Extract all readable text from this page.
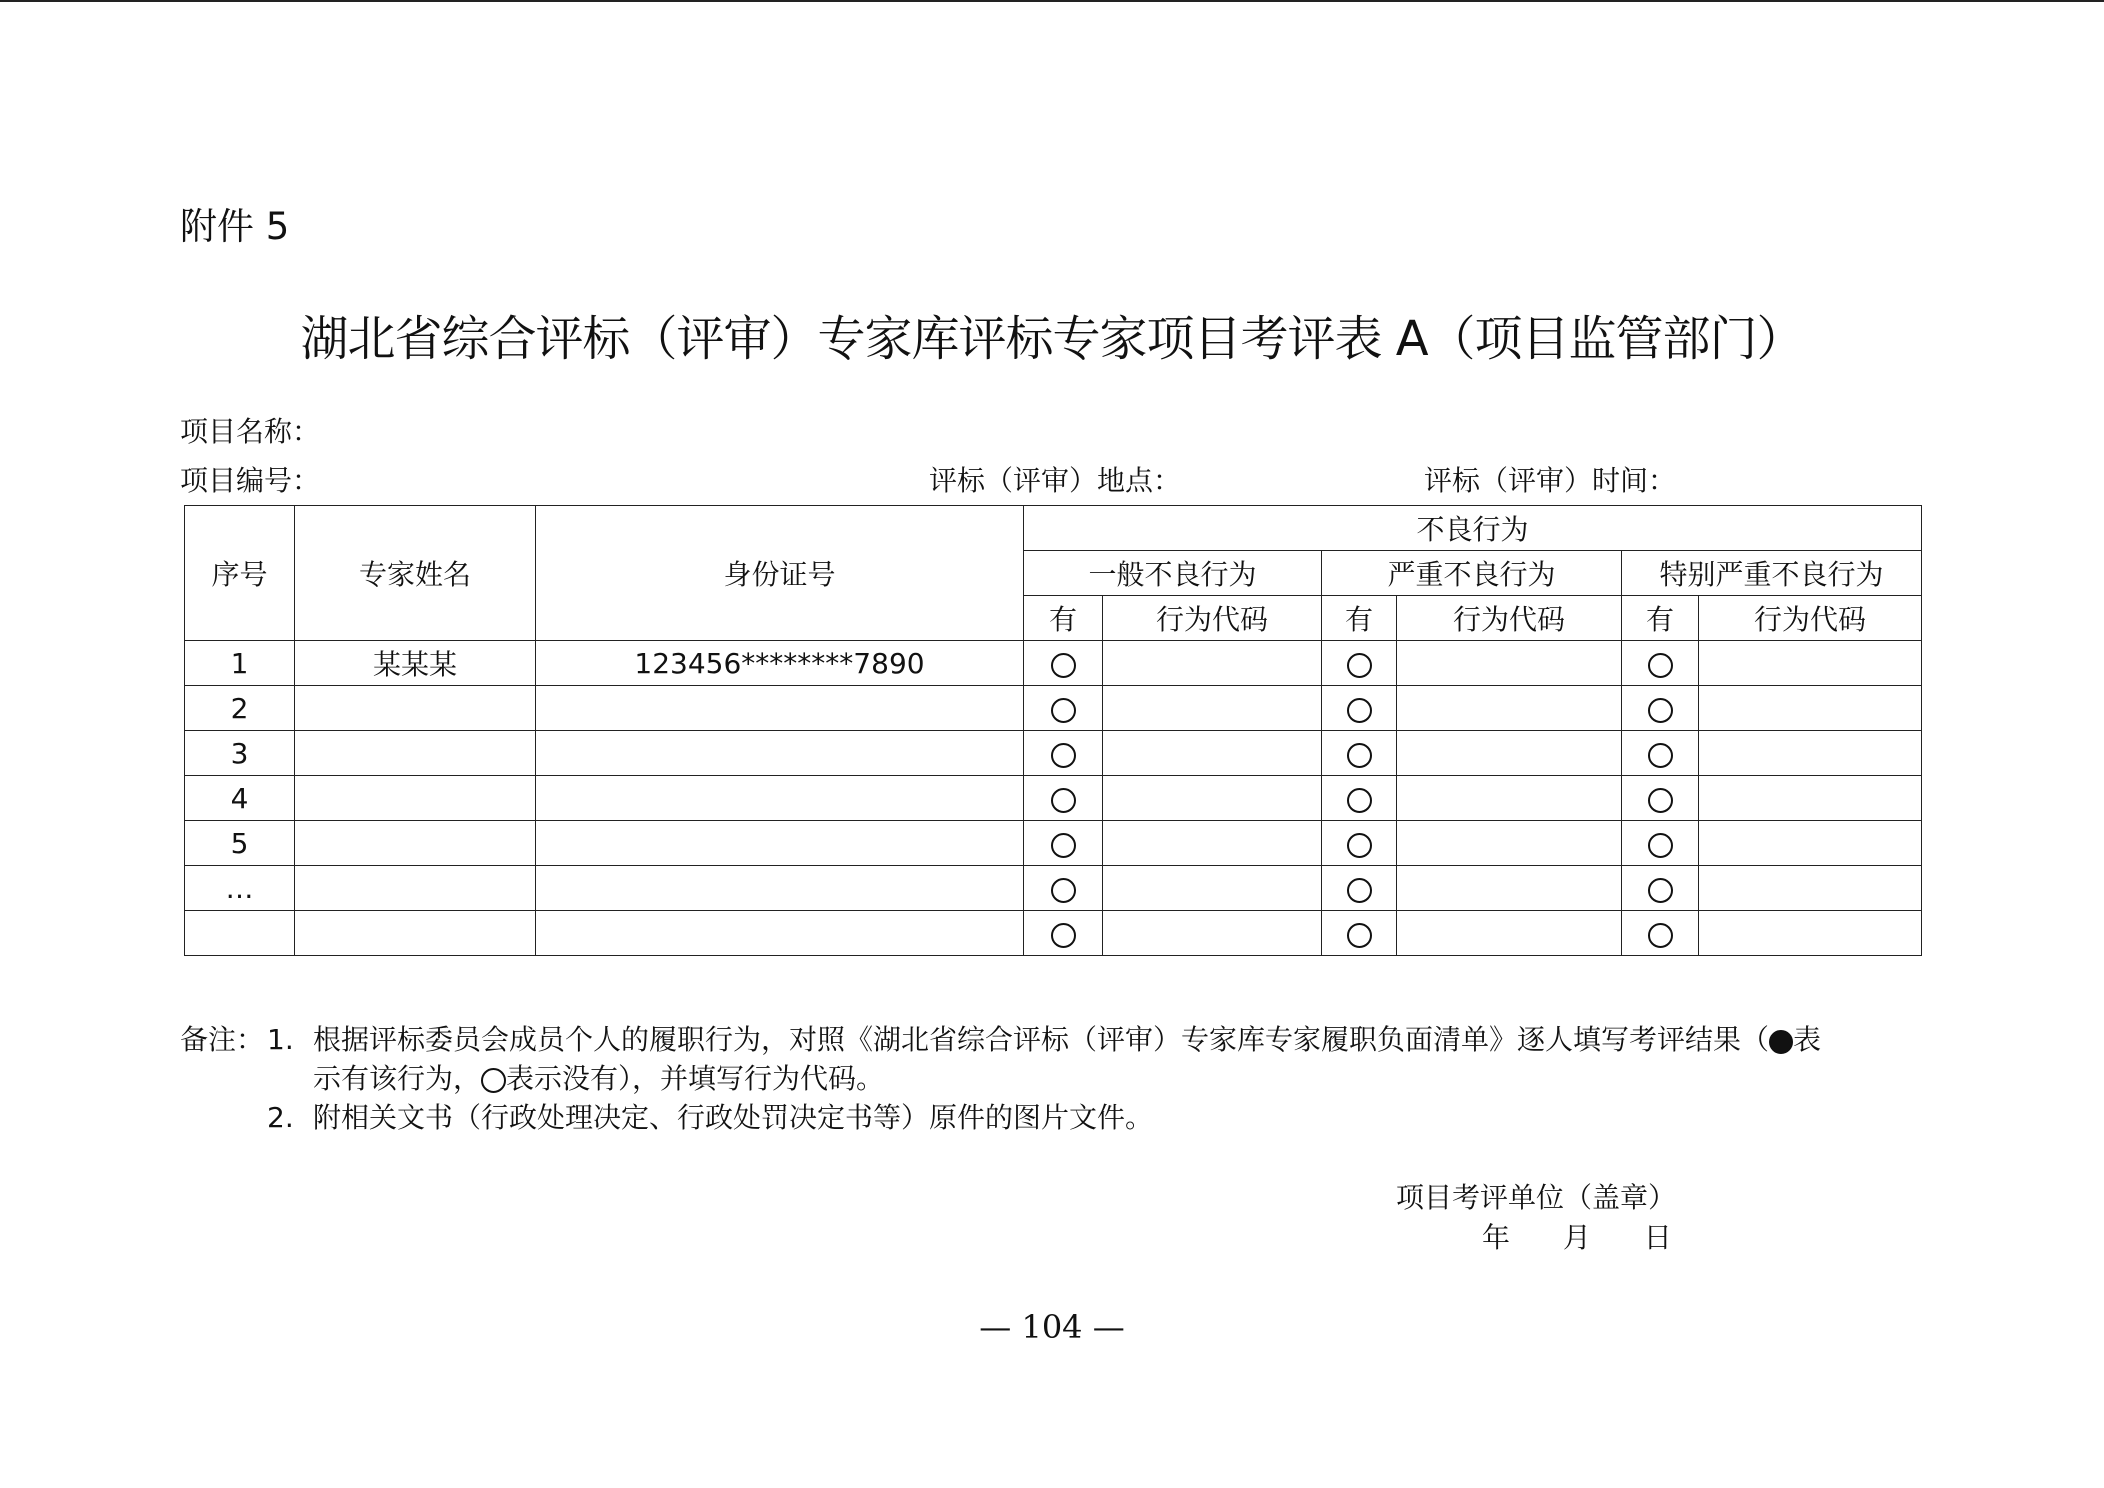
附件 5
湖北省综合评标（评审）专家库评标专家项目考评表 A（项目监管部门）
项目名称：
项目编号：	评标（评审）地点：	评标（评审）时间：
序号	专家姓名	身份证号	不良行为					
			一般不良行为		严重不良行为		特别严重不良行为	
			有	行为代码	有	行为代码	有	行为代码
1	某某某	123456********7890						
2								
3								
4								
5								
…								

备注： 1. 根据评标委员会成员个人的履职行为，对照《湖北省综合评标（评审）专家库专家履职负面清单》逐人填写考评结果（ 表
示有该行为， 表示没有），并填写行为代码。
2. 附相关文书（行政处理决定、行政处罚决定书等）原件的图片文件。
项目考评单位（盖章）
年 月 日
— 104 —
